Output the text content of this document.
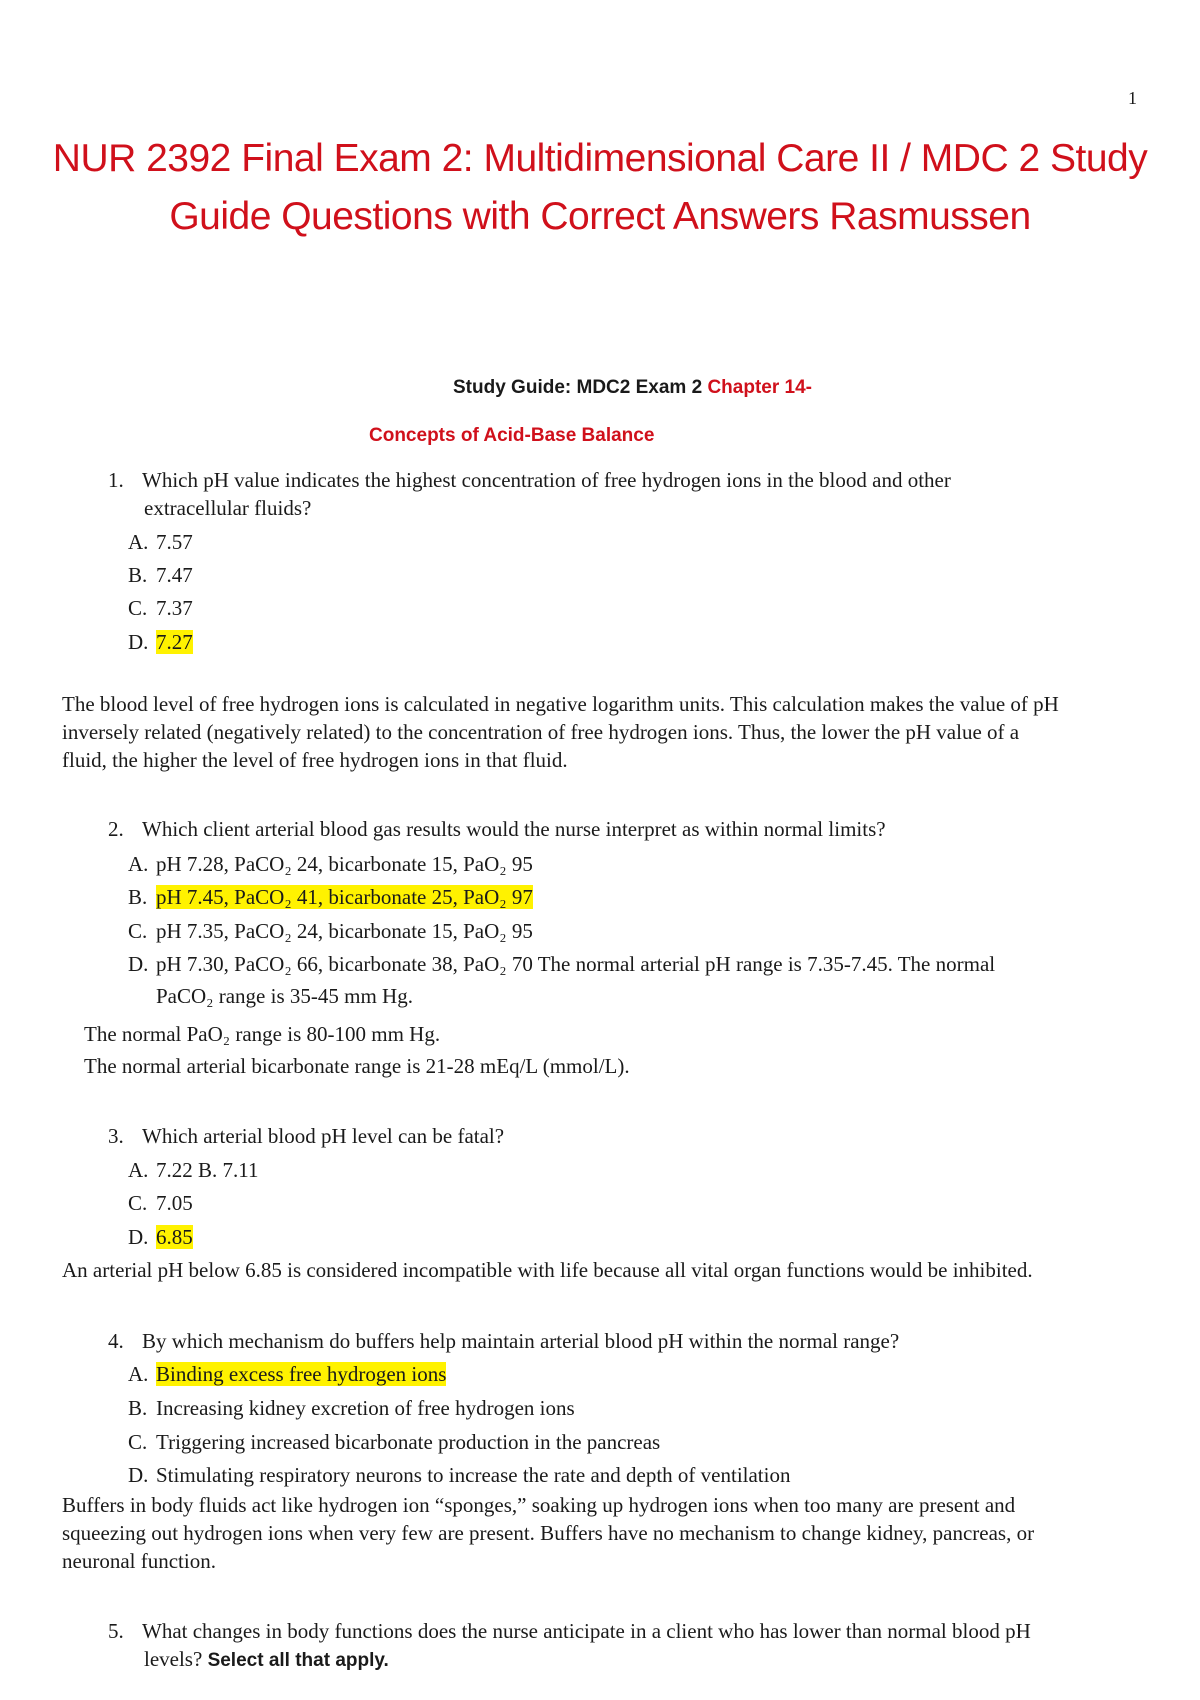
1
NUR 2392 Final Exam 2: Multidimensional Care II / MDC 2 Study
Guide Questions with Correct Answers Rasmussen
Study Guide: MDC2 Exam 2 Chapter 14-
Concepts of Acid-Base Balance
1. Which pH value indicates the highest concentration of free hydrogen ions in the blood and other
extracellular fluids?
A. 7.57
B. 7.47
C. 7.37
D. 7.27
The blood level of free hydrogen ions is calculated in negative logarithm units. This calculation makes the value of pH
inversely related (negatively related) to the concentration of free hydrogen ions. Thus, the lower the pH value of a
fluid, the higher the level of free hydrogen ions in that fluid.
2. Which client arterial blood gas results would the nurse interpret as within normal limits?
A. pH 7.28, PaCO₂ 24, bicarbonate 15, PaO₂ 95
B. pH 7.45, PaCO₂ 41, bicarbonate 25, PaO₂ 97
C. pH 7.35, PaCO₂ 24, bicarbonate 15, PaO₂ 95
D. pH 7.30, PaCO₂ 66, bicarbonate 38, PaO₂ 70 The normal arterial pH range is 7.35-7.45. The normal
PaCO₂ range is 35-45 mm Hg.
The normal PaO₂ range is 80-100 mm Hg.
The normal arterial bicarbonate range is 21-28 mEq/L (mmol/L).
3. Which arterial blood pH level can be fatal?
A. 7.22 B. 7.11
C. 7.05
D. 6.85
An arterial pH below 6.85 is considered incompatible with life because all vital organ functions would be inhibited.
4. By which mechanism do buffers help maintain arterial blood pH within the normal range?
A. Binding excess free hydrogen ions
B. Increasing kidney excretion of free hydrogen ions
C. Triggering increased bicarbonate production in the pancreas
D. Stimulating respiratory neurons to increase the rate and depth of ventilation
Buffers in body fluids act like hydrogen ion “sponges,” soaking up hydrogen ions when too many are present and
squeezing out hydrogen ions when very few are present. Buffers have no mechanism to change kidney, pancreas, or
neuronal function.
5. What changes in body functions does the nurse anticipate in a client who has lower than normal blood pH
levels? Select all that apply.
